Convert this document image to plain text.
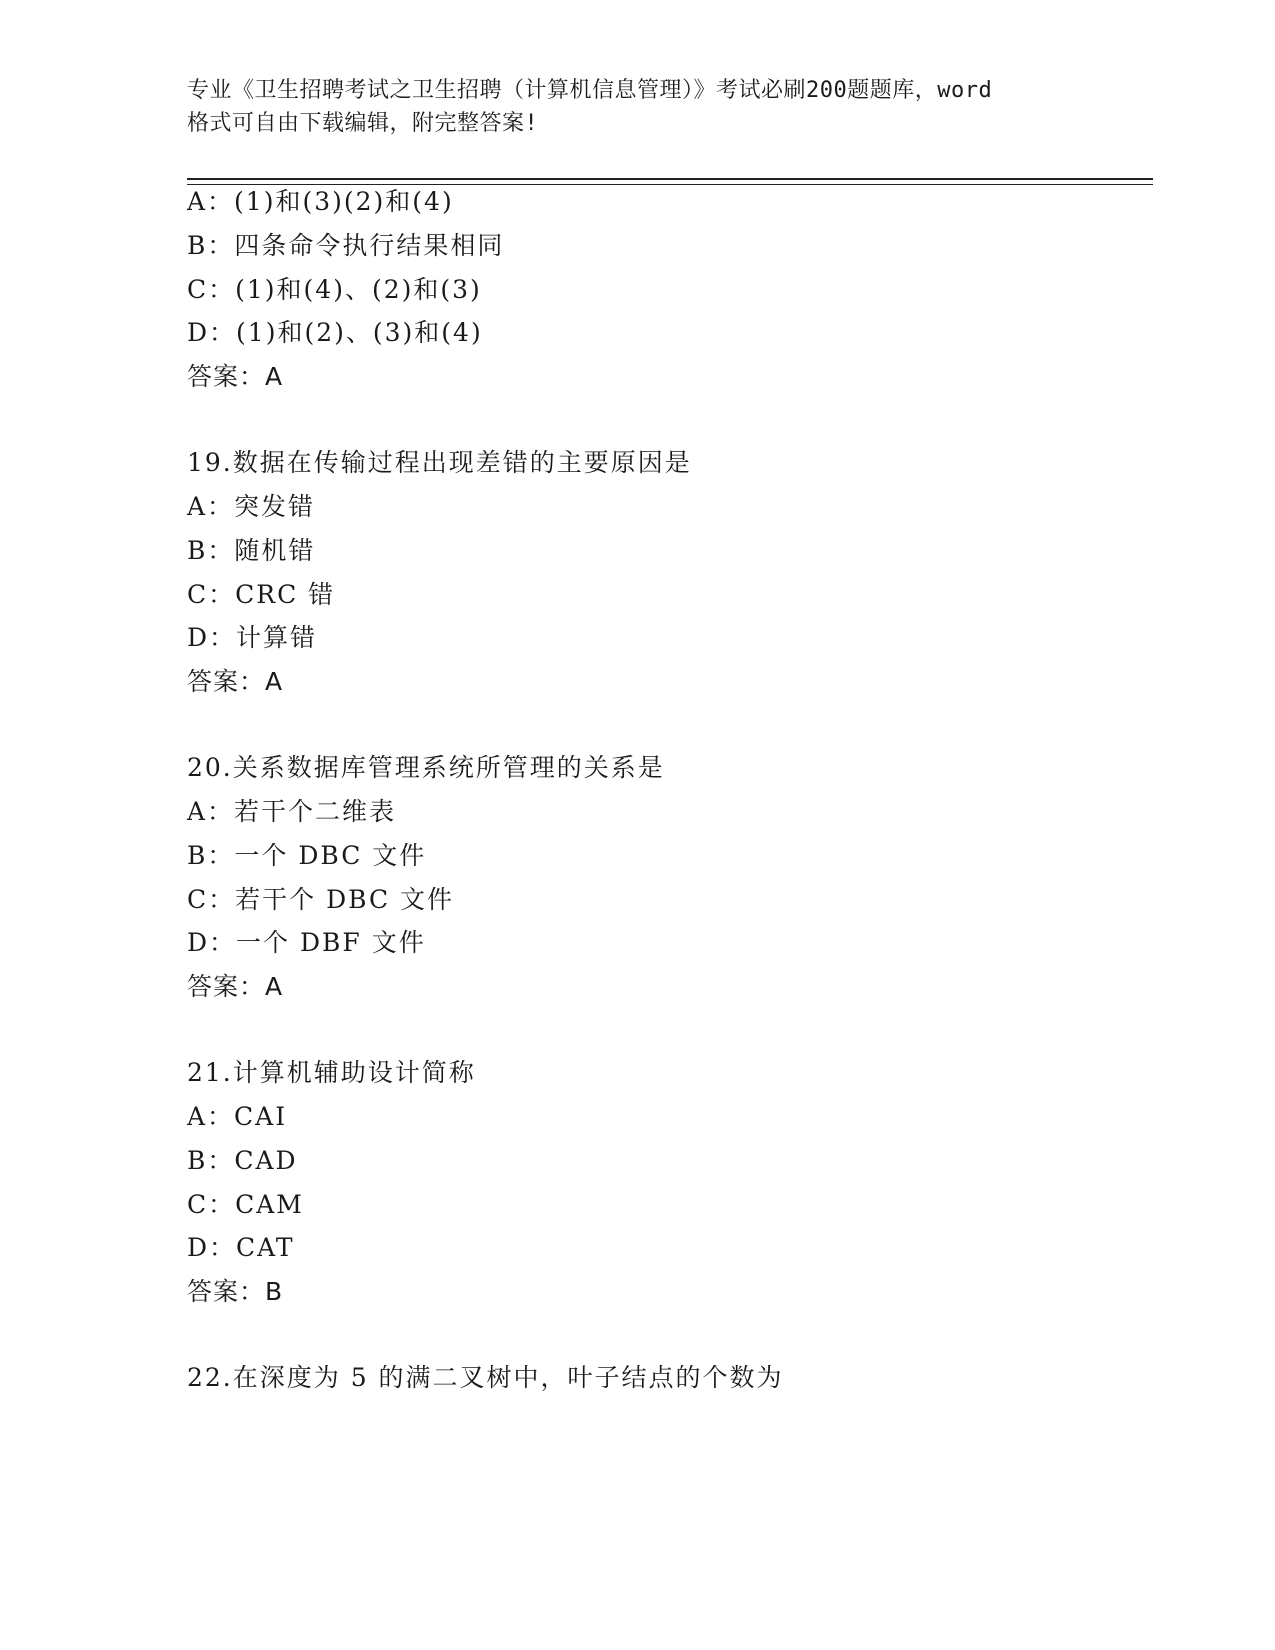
专业《卫生招聘考试之卫生招聘（计算机信息管理）》考试必刷200题题库，word
格式可自由下载编辑，附完整答案!
A：(1)和(3)(2)和(4)
B：四条命令执行结果相同
C：(1)和(4)、(2)和(3)
D：(1)和(2)、(3)和(4)
答案：A
19.数据在传输过程出现差错的主要原因是
A：突发错
B：随机错
C：CRC 错
D：计算错
答案：A
20.关系数据库管理系统所管理的关系是
A：若干个二维表
B：一个 DBC 文件
C：若干个 DBC 文件
D：一个 DBF 文件
答案：A
21.计算机辅助设计简称
A：CAI
B：CAD
C：CAM
D：CAT
答案：B
22.在深度为 5 的满二叉树中，叶子结点的个数为
